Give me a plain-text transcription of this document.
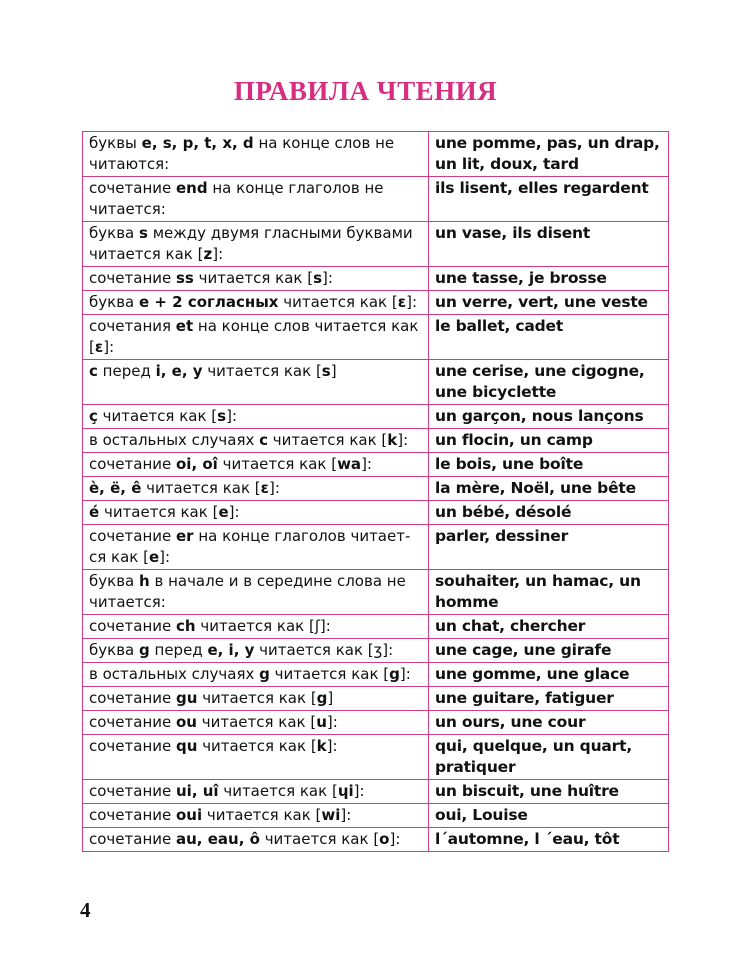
ПРАВИЛА ЧТЕНИЯ
буквы e, s, p, t, x, d на конце слов не читаются:	une pomme, pas, un drap, un lit, doux, tard
сочетание end на конце глаголов не читается:	ils lisent, elles regardent
буква s между двумя гласными буквами читается как [z]:	un vase, ils disent
сочетание ss читается как [s]:	une tasse, je brosse
буква e + 2 согласных читается как [ɛ]:	un verre, vert, une veste
сочетания et на конце слов читается как [ɛ]:	le ballet, cadet
c перед i, e, y читается как [s]	une cerise, une cigogne, une bicyclette
ç читается как [s]:	un garçon, nous lançons
в остальных случаях c читается как [k]:	un flocin, un camp
сочетание oi, oî читается как [wa]:	le bois, une boîte
è, ë, ê читается как [ɛ]:	la mère, Noël, une bête
é читается как [e]:	un bébé, désolé
сочетание er на конце глаголов читает-ся как [e]:	parler, dessiner
буква h в начале и в середине слова не читается:	souhaiter, un hamac, un homme
сочетание ch читается как [ʃ]:	un chat, chercher
буква g перед e, i, y читается как [ʒ]:	une cage, une girafe
в остальных случаях g читается как [g]:	une gomme, une glace
сочетание gu читается как [g]	une guitare, fatiguer
сочетание ou читается как [u]:	un ours, une cour
сочетание qu читается как [k]:	qui, quelque, un quart, pratiquer
сочетание ui, uî читается как [ɥi]:	un biscuit, une huître
сочетание oui читается как [wi]:	oui, Louise
сочетание au, eau, ô читается как [o]:	l´automne, l ´eau, tôt

4
